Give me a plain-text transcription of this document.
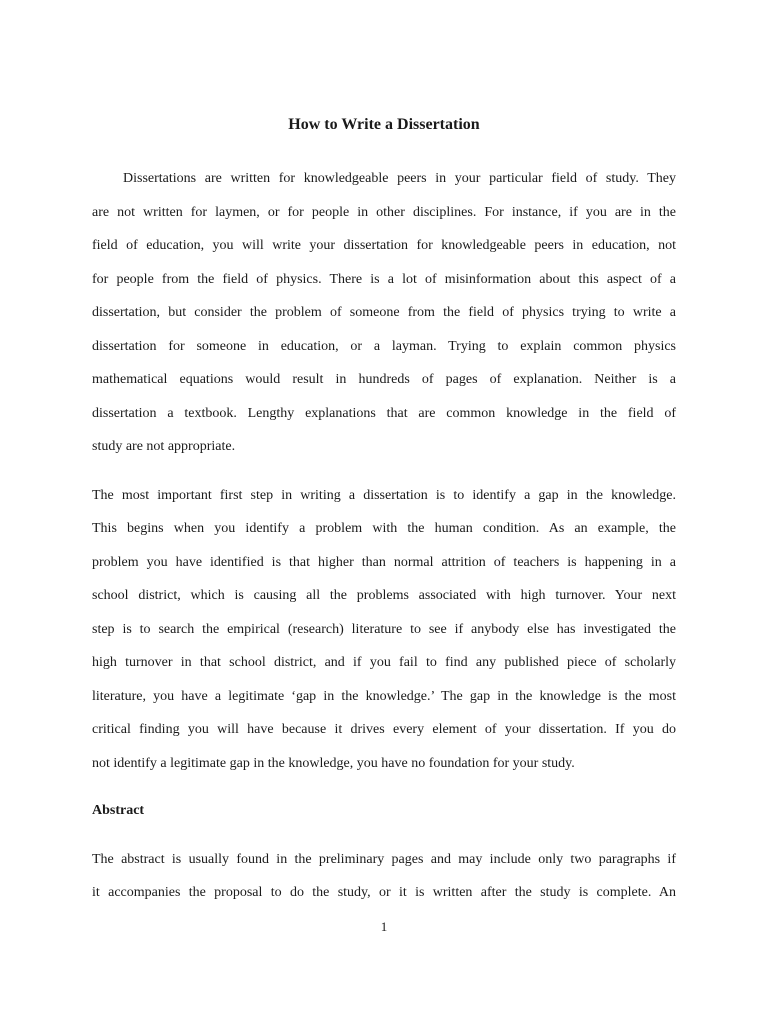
How to Write a Dissertation
Dissertations are written for knowledgeable peers in your particular field of study. They
are not written for laymen, or for people in other disciplines. For instance, if you are in the
field of education, you will write your dissertation for knowledgeable peers in education, not
for people from the field of physics. There is a lot of misinformation about this aspect of a
dissertation, but consider the problem of someone from the field of physics trying to write a
dissertation for someone in education, or a layman. Trying to explain common physics
mathematical equations would result in hundreds of pages of explanation. Neither is a
dissertation a textbook. Lengthy explanations that are common knowledge in the field of
study are not appropriate.
The most important first step in writing a dissertation is to identify a gap in the knowledge.
This begins when you identify a problem with the human condition. As an example, the
problem you have identified is that higher than normal attrition of teachers is happening in a
school district, which is causing all the problems associated with high turnover. Your next
step is to search the empirical (research) literature to see if anybody else has investigated the
high turnover in that school district, and if you fail to find any published piece of scholarly
literature, you have a legitimate ‘gap in the knowledge.’ The gap in the knowledge is the most
critical finding you will have because it drives every element of your dissertation. If you do
not identify a legitimate gap in the knowledge, you have no foundation for your study.
Abstract
The abstract is usually found in the preliminary pages and may include only two paragraphs if
it accompanies the proposal to do the study, or it is written after the study is complete. An
1
